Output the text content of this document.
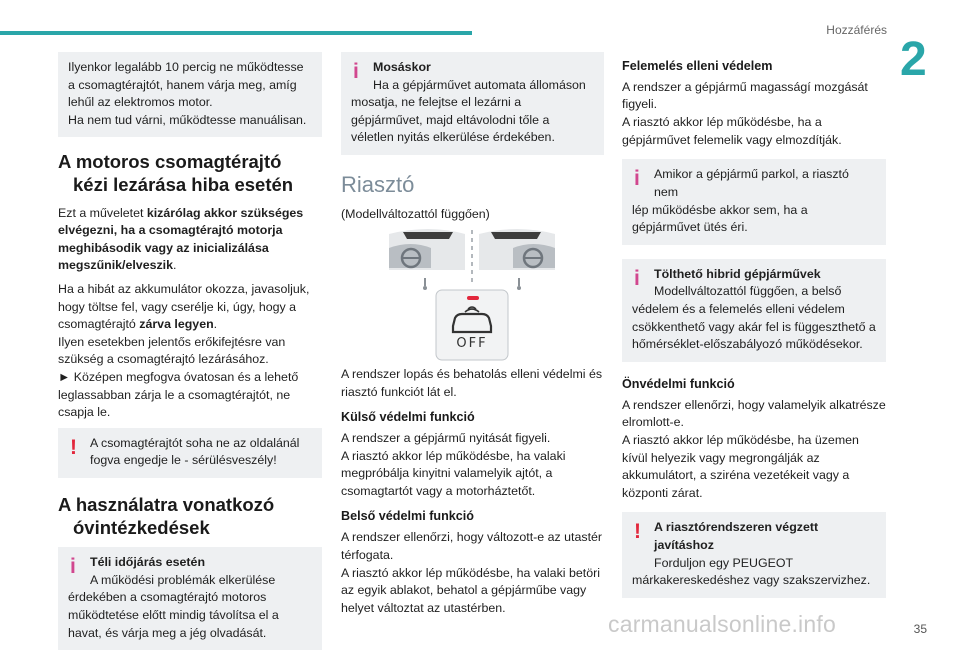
Hozzáférés
2

Ilyenkor legalább 10 percig ne működtesse a csomagtérajtót, hanem várja meg, amíg lehűl az elektromos motor.

Ha nem tud várni, működtesse manuálisan.

A motoros csomagtérajtó
kézi lezárása hiba esetén

Ezt a műveletet kizárólag akkor szükséges elvégezni, ha a csomagtérajtó motorja meghibásodik vagy az inicializálása megszűnik/elveszik.

Ha a hibát az akkumulátor okozza, javasoljuk, hogy töltse fel, vagy cserélje ki, úgy, hogy a csomagtérajtó zárva legyen.

Ilyen esetekben jelentős erőkifejtésre van szükség a csomagtérajtó lezárásához.

► Középen megfogva óvatosan és a lehető leglassabban zárja le a csomagtérajtót, ne csapja le.

! A csomagtérajtót soha ne az oldalánál
fogva engedje le - sérülésveszély!

A használatra vonatkozó
óvintézkedések
i Téli időjárás esetén

A működési problémák elkerülése

érdekében a csomagtérajtó motoros működtetése előtt mindig távolítsa el a havat, és várja meg a jég olvadását.

i Mosáskor

Ha a gépjárművet automata állomáson

mosatja, ne felejtse el lezárni a gépjárművet, majd eltávolodni tőle a véletlen nyitás elkerülése érdekében.

Riasztó

(Modellváltozattól függően)

OFF

A rendszer lopás és behatolás elleni védelmi és riasztó funkciót lát el.

Külső védelmi funkció

A rendszer a gépjármű nyitását figyeli.
A riasztó akkor lép működésbe, ha valaki megpróbálja kinyitni valamelyik ajtót, a csomagtartót vagy a motorháztetőt.

Belső védelmi funkció

A rendszer ellenőrzi, hogy változott-e az utastér térfogata.
A riasztó akkor lép működésbe, ha valaki betöri az egyik ablakot, behatol a gépjárműbe vagy helyet változtat az utastérben.

Felemelés elleni védelem

A rendszer a gépjármű magasságí mozgását figyeli.
A riasztó akkor lép működésbe, ha a gépjárművet felemelik vagy elmozdítják.

i Amikor a gépjármű parkol, a riasztó nem

lép működésbe akkor sem, ha a gépjárművet ütés éri.

i Tölthető hibrid gépjárművek

Modellváltozattól függően, a belső

védelem és a felemelés elleni védelem csökkenthető vagy akár fel is függeszthető a hőmérséklet-előszabályozó működésekor.

Önvédelmi funkció

A rendszer ellenőrzi, hogy valamelyik alkatrésze elromlott-e.
A riasztó akkor lép működésbe, ha üzemen kívül helyezik vagy megrongálják az akkumulátort, a sziréna vezetékeit vagy a központi zárat.

! A riasztórendszeren végzett javításhoz

Forduljon egy PEUGEOT

márkakereskedéshez vagy szakszervizhez.

carmanualsonline.info	35
